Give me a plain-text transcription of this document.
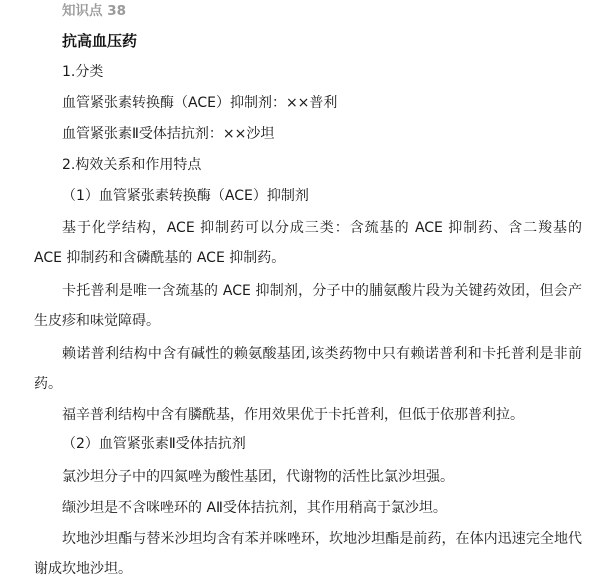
知识点 38
抗高血压药
1.分类
血管紧张素转换酶（ACE）抑制剂：××普利
血管紧张素Ⅱ受体拮抗剂：××沙坦
2.构效关系和作用特点
（1）血管紧张素转换酶（ACE）抑制剂
基于化学结构，ACE 抑制药可以分成三类：含巯基的 ACE 抑制药、含二羧基的 ACE 抑制药和含磷酰基的 ACE 抑制药。
卡托普利是唯一含巯基的 ACE 抑制剂，分子中的脯氨酸片段为关键药效团，但会产生皮疹和味觉障碍。
赖诺普利结构中含有碱性的赖氨酸基团,该类药物中只有赖诺普利和卡托普利是非前药。
福辛普利结构中含有膦酰基，作用效果优于卡托普利，但低于依那普利拉。
（2）血管紧张素Ⅱ受体拮抗剂
氯沙坦分子中的四氮唑为酸性基团，代谢物的活性比氯沙坦强。
缬沙坦是不含咪唑环的 AⅡ受体拮抗剂，其作用稍高于氯沙坦。
坎地沙坦酯与替米沙坦均含有苯并咪唑环，坎地沙坦酯是前药，在体内迅速完全地代谢成坎地沙坦。
